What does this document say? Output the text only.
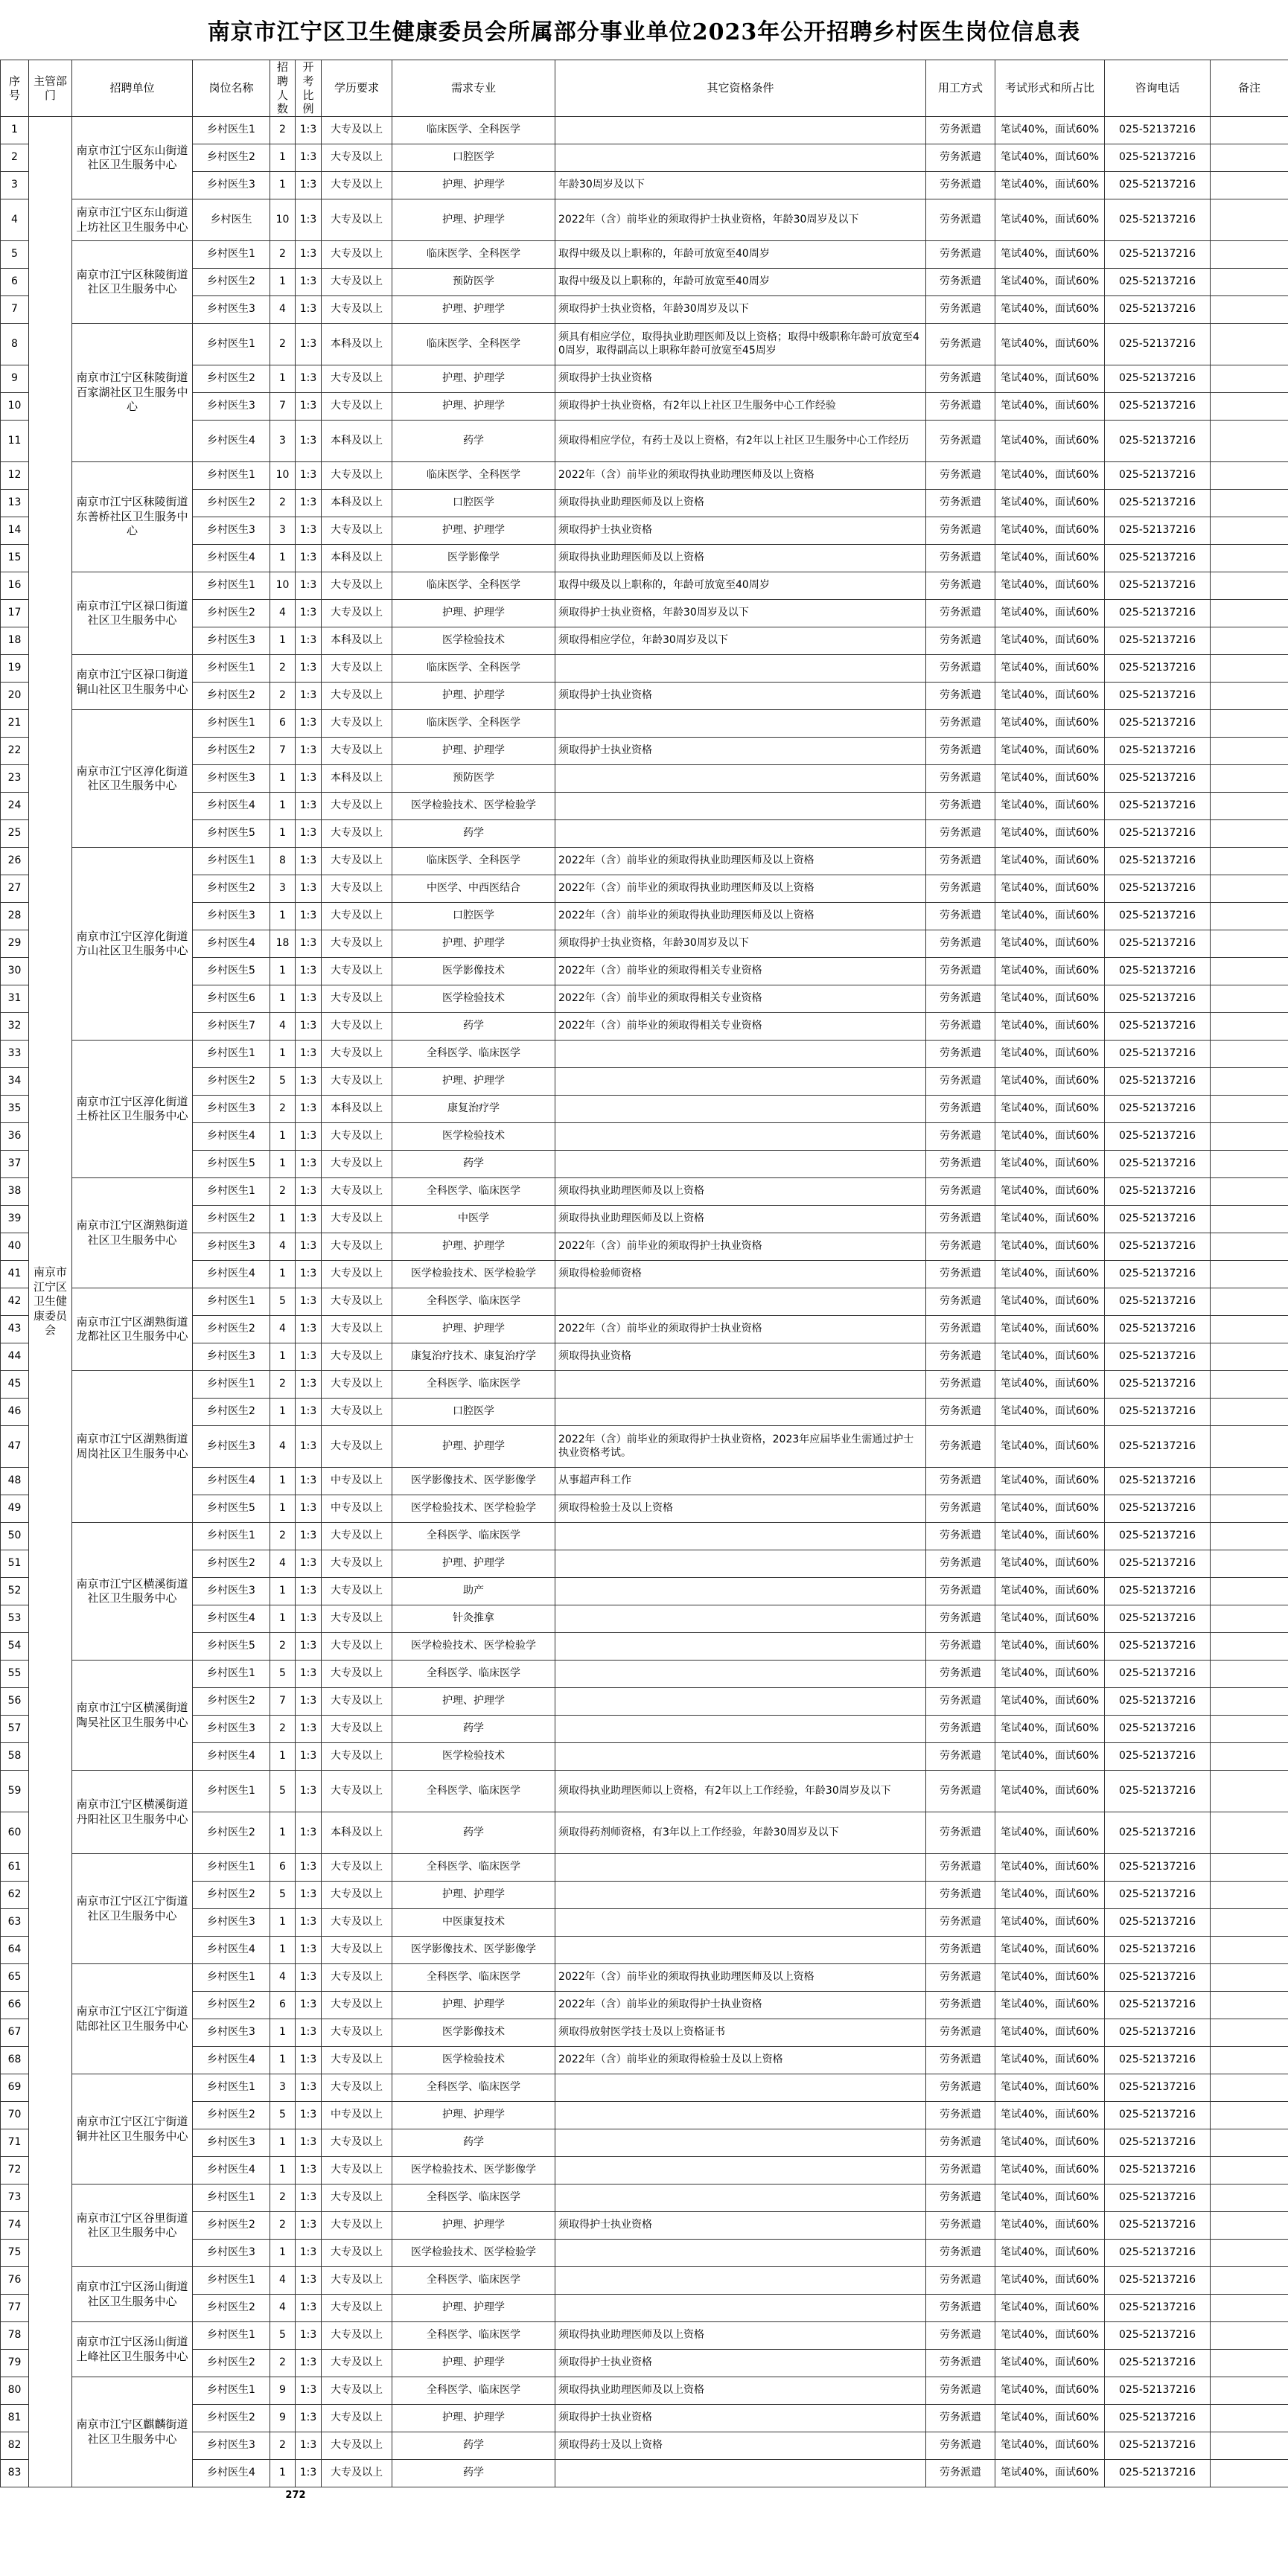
南京市江宁区卫生健康委员会所属部分事业单位2023年公开招聘乡村医生岗位信息表
序号	主管部门	招聘单位	岗位名称	招聘人数	开考比例	学历要求	需求专业	其它资格条件	用工方式	考试形式和所占比	咨询电话	备注
1	南京市江宁区卫生健康委员会	南京市江宁区东山街道社区卫生服务中心	乡村医生1	2	1:3	大专及以上	临床医学、全科医学		劳务派遣	笔试40%，面试60%	025-52137216	
2			乡村医生2	1	1:3	大专及以上	口腔医学		劳务派遣	笔试40%，面试60%	025-52137216	
3			乡村医生3	1	1:3	大专及以上	护理、护理学	年龄30周岁及以下	劳务派遣	笔试40%，面试60%	025-52137216	
4		南京市江宁区东山街道上坊社区卫生服务中心	乡村医生	10	1:3	大专及以上	护理、护理学	2022年（含）前毕业的须取得护士执业资格，年龄30周岁及以下	劳务派遣	笔试40%，面试60%	025-52137216	
5		南京市江宁区秣陵街道社区卫生服务中心	乡村医生1	2	1:3	大专及以上	临床医学、全科医学	取得中级及以上职称的，年龄可放宽至40周岁	劳务派遣	笔试40%，面试60%	025-52137216	
6			乡村医生2	1	1:3	大专及以上	预防医学	取得中级及以上职称的，年龄可放宽至40周岁	劳务派遣	笔试40%，面试60%	025-52137216	
7			乡村医生3	4	1:3	大专及以上	护理、护理学	须取得护士执业资格，年龄30周岁及以下	劳务派遣	笔试40%，面试60%	025-52137216	
8		南京市江宁区秣陵街道百家湖社区卫生服务中心	乡村医生1	2	1:3	本科及以上	临床医学、全科医学	须具有相应学位，取得执业助理医师及以上资格；取得中级职称年龄可放宽至40周岁，取得副高以上职称年龄可放宽至45周岁	劳务派遣	笔试40%，面试60%	025-52137216	
9			乡村医生2	1	1:3	大专及以上	护理、护理学	须取得护士执业资格	劳务派遣	笔试40%，面试60%	025-52137216	
10			乡村医生3	7	1:3	大专及以上	护理、护理学	须取得护士执业资格，有2年以上社区卫生服务中心工作经验	劳务派遣	笔试40%，面试60%	025-52137216	
11			乡村医生4	3	1:3	本科及以上	药学	须取得相应学位，有药士及以上资格，有2年以上社区卫生服务中心工作经历	劳务派遣	笔试40%，面试60%	025-52137216	
12		南京市江宁区秣陵街道东善桥社区卫生服务中心	乡村医生1	10	1:3	大专及以上	临床医学、全科医学	2022年（含）前毕业的须取得执业助理医师及以上资格	劳务派遣	笔试40%，面试60%	025-52137216	
13			乡村医生2	2	1:3	本科及以上	口腔医学	须取得执业助理医师及以上资格	劳务派遣	笔试40%，面试60%	025-52137216	
14			乡村医生3	3	1:3	大专及以上	护理、护理学	须取得护士执业资格	劳务派遣	笔试40%，面试60%	025-52137216	
15			乡村医生4	1	1:3	本科及以上	医学影像学	须取得执业助理医师及以上资格	劳务派遣	笔试40%，面试60%	025-52137216	
16		南京市江宁区禄口街道社区卫生服务中心	乡村医生1	10	1:3	大专及以上	临床医学、全科医学	取得中级及以上职称的，年龄可放宽至40周岁	劳务派遣	笔试40%，面试60%	025-52137216	
17			乡村医生2	4	1:3	大专及以上	护理、护理学	须取得护士执业资格，年龄30周岁及以下	劳务派遣	笔试40%，面试60%	025-52137216	
18			乡村医生3	1	1:3	本科及以上	医学检验技术	须取得相应学位，年龄30周岁及以下	劳务派遣	笔试40%，面试60%	025-52137216	
19		南京市江宁区禄口街道铜山社区卫生服务中心	乡村医生1	2	1:3	大专及以上	临床医学、全科医学		劳务派遣	笔试40%，面试60%	025-52137216	
20			乡村医生2	2	1:3	大专及以上	护理、护理学	须取得护士执业资格	劳务派遣	笔试40%，面试60%	025-52137216	
21		南京市江宁区淳化街道社区卫生服务中心	乡村医生1	6	1:3	大专及以上	临床医学、全科医学		劳务派遣	笔试40%，面试60%	025-52137216	
22			乡村医生2	7	1:3	大专及以上	护理、护理学	须取得护士执业资格	劳务派遣	笔试40%，面试60%	025-52137216	
23			乡村医生3	1	1:3	本科及以上	预防医学		劳务派遣	笔试40%，面试60%	025-52137216	
24			乡村医生4	1	1:3	大专及以上	医学检验技术、医学检验学		劳务派遣	笔试40%，面试60%	025-52137216	
25			乡村医生5	1	1:3	大专及以上	药学		劳务派遣	笔试40%，面试60%	025-52137216	
26		南京市江宁区淳化街道方山社区卫生服务中心	乡村医生1	8	1:3	大专及以上	临床医学、全科医学	2022年（含）前毕业的须取得执业助理医师及以上资格	劳务派遣	笔试40%，面试60%	025-52137216	
27			乡村医生2	3	1:3	大专及以上	中医学、中西医结合	2022年（含）前毕业的须取得执业助理医师及以上资格	劳务派遣	笔试40%，面试60%	025-52137216	
28			乡村医生3	1	1:3	大专及以上	口腔医学	2022年（含）前毕业的须取得执业助理医师及以上资格	劳务派遣	笔试40%，面试60%	025-52137216	
29			乡村医生4	18	1:3	大专及以上	护理、护理学	须取得护士执业资格，年龄30周岁及以下	劳务派遣	笔试40%，面试60%	025-52137216	
30			乡村医生5	1	1:3	大专及以上	医学影像技术	2022年（含）前毕业的须取得相关专业资格	劳务派遣	笔试40%，面试60%	025-52137216	
31			乡村医生6	1	1:3	大专及以上	医学检验技术	2022年（含）前毕业的须取得相关专业资格	劳务派遣	笔试40%，面试60%	025-52137216	
32			乡村医生7	4	1:3	大专及以上	药学	2022年（含）前毕业的须取得相关专业资格	劳务派遣	笔试40%，面试60%	025-52137216	
33		南京市江宁区淳化街道土桥社区卫生服务中心	乡村医生1	1	1:3	大专及以上	全科医学、临床医学		劳务派遣	笔试40%，面试60%	025-52137216	
34			乡村医生2	5	1:3	大专及以上	护理、护理学		劳务派遣	笔试40%，面试60%	025-52137216	
35			乡村医生3	2	1:3	本科及以上	康复治疗学		劳务派遣	笔试40%，面试60%	025-52137216	
36			乡村医生4	1	1:3	大专及以上	医学检验技术		劳务派遣	笔试40%，面试60%	025-52137216	
37			乡村医生5	1	1:3	大专及以上	药学		劳务派遣	笔试40%，面试60%	025-52137216	
38		南京市江宁区湖熟街道社区卫生服务中心	乡村医生1	2	1:3	大专及以上	全科医学、临床医学	须取得执业助理医师及以上资格	劳务派遣	笔试40%，面试60%	025-52137216	
39			乡村医生2	1	1:3	大专及以上	中医学	须取得执业助理医师及以上资格	劳务派遣	笔试40%，面试60%	025-52137216	
40			乡村医生3	4	1:3	大专及以上	护理、护理学	2022年（含）前毕业的须取得护士执业资格	劳务派遣	笔试40%，面试60%	025-52137216	
41			乡村医生4	1	1:3	大专及以上	医学检验技术、医学检验学	须取得检验师资格	劳务派遣	笔试40%，面试60%	025-52137216	
42		南京市江宁区湖熟街道龙都社区卫生服务中心	乡村医生1	5	1:3	大专及以上	全科医学、临床医学		劳务派遣	笔试40%，面试60%	025-52137216	
43			乡村医生2	4	1:3	大专及以上	护理、护理学	2022年（含）前毕业的须取得护士执业资格	劳务派遣	笔试40%，面试60%	025-52137216	
44			乡村医生3	1	1:3	大专及以上	康复治疗技术、康复治疗学	须取得执业资格	劳务派遣	笔试40%，面试60%	025-52137216	
45		南京市江宁区湖熟街道周岗社区卫生服务中心	乡村医生1	2	1:3	大专及以上	全科医学、临床医学		劳务派遣	笔试40%，面试60%	025-52137216	
46			乡村医生2	1	1:3	大专及以上	口腔医学		劳务派遣	笔试40%，面试60%	025-52137216	
47			乡村医生3	4	1:3	大专及以上	护理、护理学	2022年（含）前毕业的须取得护士执业资格，2023年应届毕业生需通过护士执业资格考试。	劳务派遣	笔试40%，面试60%	025-52137216	
48			乡村医生4	1	1:3	中专及以上	医学影像技术、医学影像学	从事超声科工作	劳务派遣	笔试40%，面试60%	025-52137216	
49			乡村医生5	1	1:3	中专及以上	医学检验技术、医学检验学	须取得检验士及以上资格	劳务派遣	笔试40%，面试60%	025-52137216	
50		南京市江宁区横溪街道社区卫生服务中心	乡村医生1	2	1:3	大专及以上	全科医学、临床医学		劳务派遣	笔试40%，面试60%	025-52137216	
51			乡村医生2	4	1:3	大专及以上	护理、护理学		劳务派遣	笔试40%，面试60%	025-52137216	
52			乡村医生3	1	1:3	大专及以上	助产		劳务派遣	笔试40%，面试60%	025-52137216	
53			乡村医生4	1	1:3	大专及以上	针灸推拿		劳务派遣	笔试40%，面试60%	025-52137216	
54			乡村医生5	2	1:3	大专及以上	医学检验技术、医学检验学		劳务派遣	笔试40%，面试60%	025-52137216	
55		南京市江宁区横溪街道陶吴社区卫生服务中心	乡村医生1	5	1:3	大专及以上	全科医学、临床医学		劳务派遣	笔试40%，面试60%	025-52137216	
56			乡村医生2	7	1:3	大专及以上	护理、护理学		劳务派遣	笔试40%，面试60%	025-52137216	
57			乡村医生3	2	1:3	大专及以上	药学		劳务派遣	笔试40%，面试60%	025-52137216	
58			乡村医生4	1	1:3	大专及以上	医学检验技术		劳务派遣	笔试40%，面试60%	025-52137216	
59		南京市江宁区横溪街道丹阳社区卫生服务中心	乡村医生1	5	1:3	大专及以上	全科医学、临床医学	须取得执业助理医师以上资格，有2年以上工作经验，年龄30周岁及以下	劳务派遣	笔试40%，面试60%	025-52137216	
60			乡村医生2	1	1:3	本科及以上	药学	须取得药剂师资格，有3年以上工作经验，年龄30周岁及以下	劳务派遣	笔试40%，面试60%	025-52137216	
61		南京市江宁区江宁街道社区卫生服务中心	乡村医生1	6	1:3	大专及以上	全科医学、临床医学		劳务派遣	笔试40%，面试60%	025-52137216	
62			乡村医生2	5	1:3	大专及以上	护理、护理学		劳务派遣	笔试40%，面试60%	025-52137216	
63			乡村医生3	1	1:3	大专及以上	中医康复技术		劳务派遣	笔试40%，面试60%	025-52137216	
64			乡村医生4	1	1:3	大专及以上	医学影像技术、医学影像学		劳务派遣	笔试40%，面试60%	025-52137216	
65		南京市江宁区江宁街道陆郎社区卫生服务中心	乡村医生1	4	1:3	大专及以上	全科医学、临床医学	2022年（含）前毕业的须取得执业助理医师及以上资格	劳务派遣	笔试40%，面试60%	025-52137216	
66			乡村医生2	6	1:3	大专及以上	护理、护理学	2022年（含）前毕业的须取得护士执业资格	劳务派遣	笔试40%，面试60%	025-52137216	
67			乡村医生3	1	1:3	大专及以上	医学影像技术	须取得放射医学技士及以上资格证书	劳务派遣	笔试40%，面试60%	025-52137216	
68			乡村医生4	1	1:3	大专及以上	医学检验技术	2022年（含）前毕业的须取得检验士及以上资格	劳务派遣	笔试40%，面试60%	025-52137216	
69		南京市江宁区江宁街道铜井社区卫生服务中心	乡村医生1	3	1:3	大专及以上	全科医学、临床医学		劳务派遣	笔试40%，面试60%	025-52137216	
70			乡村医生2	5	1:3	中专及以上	护理、护理学		劳务派遣	笔试40%，面试60%	025-52137216	
71			乡村医生3	1	1:3	大专及以上	药学		劳务派遣	笔试40%，面试60%	025-52137216	
72			乡村医生4	1	1:3	大专及以上	医学检验技术、医学影像学		劳务派遣	笔试40%，面试60%	025-52137216	
73		南京市江宁区谷里街道社区卫生服务中心	乡村医生1	2	1:3	大专及以上	全科医学、临床医学		劳务派遣	笔试40%，面试60%	025-52137216	
74			乡村医生2	2	1:3	大专及以上	护理、护理学	须取得护士执业资格	劳务派遣	笔试40%，面试60%	025-52137216	
75			乡村医生3	1	1:3	大专及以上	医学检验技术、医学检验学		劳务派遣	笔试40%，面试60%	025-52137216	
76		南京市江宁区汤山街道社区卫生服务中心	乡村医生1	4	1:3	大专及以上	全科医学、临床医学		劳务派遣	笔试40%，面试60%	025-52137216	
77			乡村医生2	4	1:3	大专及以上	护理、护理学		劳务派遣	笔试40%，面试60%	025-52137216	
78		南京市江宁区汤山街道上峰社区卫生服务中心	乡村医生1	5	1:3	大专及以上	全科医学、临床医学	须取得执业助理医师及以上资格	劳务派遣	笔试40%，面试60%	025-52137216	
79			乡村医生2	2	1:3	大专及以上	护理、护理学	须取得护士执业资格	劳务派遣	笔试40%，面试60%	025-52137216	
80		南京市江宁区麒麟街道社区卫生服务中心	乡村医生1	9	1:3	大专及以上	全科医学、临床医学	须取得执业助理医师及以上资格	劳务派遣	笔试40%，面试60%	025-52137216	
81			乡村医生2	9	1:3	大专及以上	护理、护理学	须取得护士执业资格	劳务派遣	笔试40%，面试60%	025-52137216	
82			乡村医生3	2	1:3	大专及以上	药学	须取得药士及以上资格	劳务派遣	笔试40%，面试60%	025-52137216	
83			乡村医生4	1	1:3	大专及以上	药学		劳务派遣	笔试40%，面试60%	025-52137216	
				272								
